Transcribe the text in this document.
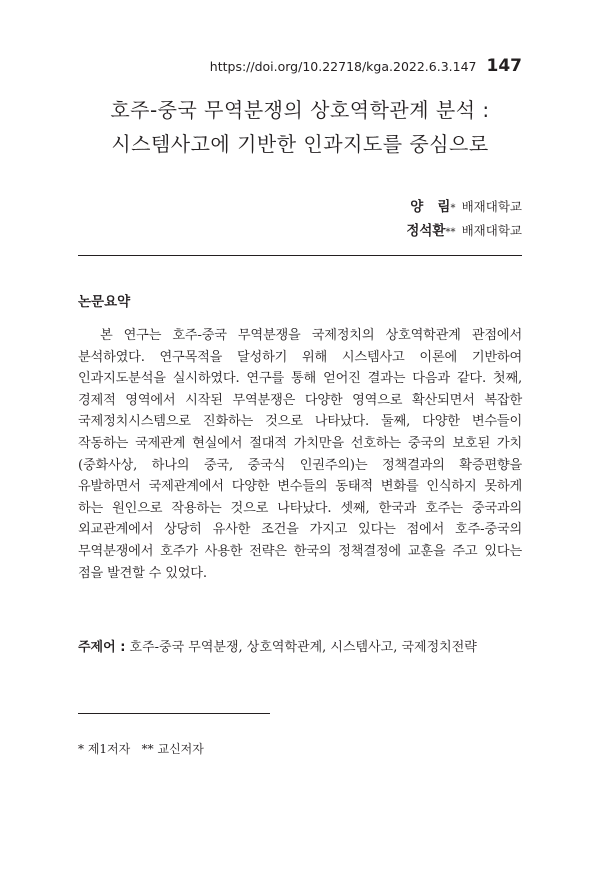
https://doi.org/10.22718/kga.2022.6.3.147 147
호주-중국 무역분쟁의 상호역학관계 분석 :
시스템사고에 기반한 인과지도를 중심으로
양   림* 배재대학교
정석환** 배재대학교
논문요약

본 연구는 호주-중국 무역분쟁을 국제정치의 상호역학관계 관점에서 분석하였다. 연구목적을 달성하기 위해 시스템사고 이론에 기반하여 인과지도분석을 실시하였다. 연구를 통해 얻어진 결과는 다음과 같다. 첫째, 경제적 영역에서 시작된 무역분쟁은 다양한 영역으로 확산되면서 복잡한 국제정치시스템으로 진화하는 것으로 나타났다. 둘째, 다양한 변수들이 작동하는 국제관계 현실에서 절대적 가치만을 선호하는 중국의 보호된 가치(중화사상, 하나의 중국, 중국식 인권주의)는 정책결과의 확증편향을 유발하면서 국제관계에서 다양한 변수들의 동태적 변화를 인식하지 못하게 하는 원인으로 작용하는 것으로 나타났다. 셋째, 한국과 호주는 중국과의 외교관계에서 상당히 유사한 조건을 가지고 있다는 점에서 호주-중국의 무역분쟁에서 호주가 사용한 전략은 한국의 정책결정에 교훈을 주고 있다는 점을 발견할 수 있었다.

주제어 : 호주-중국 무역분쟁, 상호역학관계, 시스템사고, 국제정치전략
* 제1저자   ** 교신저자
